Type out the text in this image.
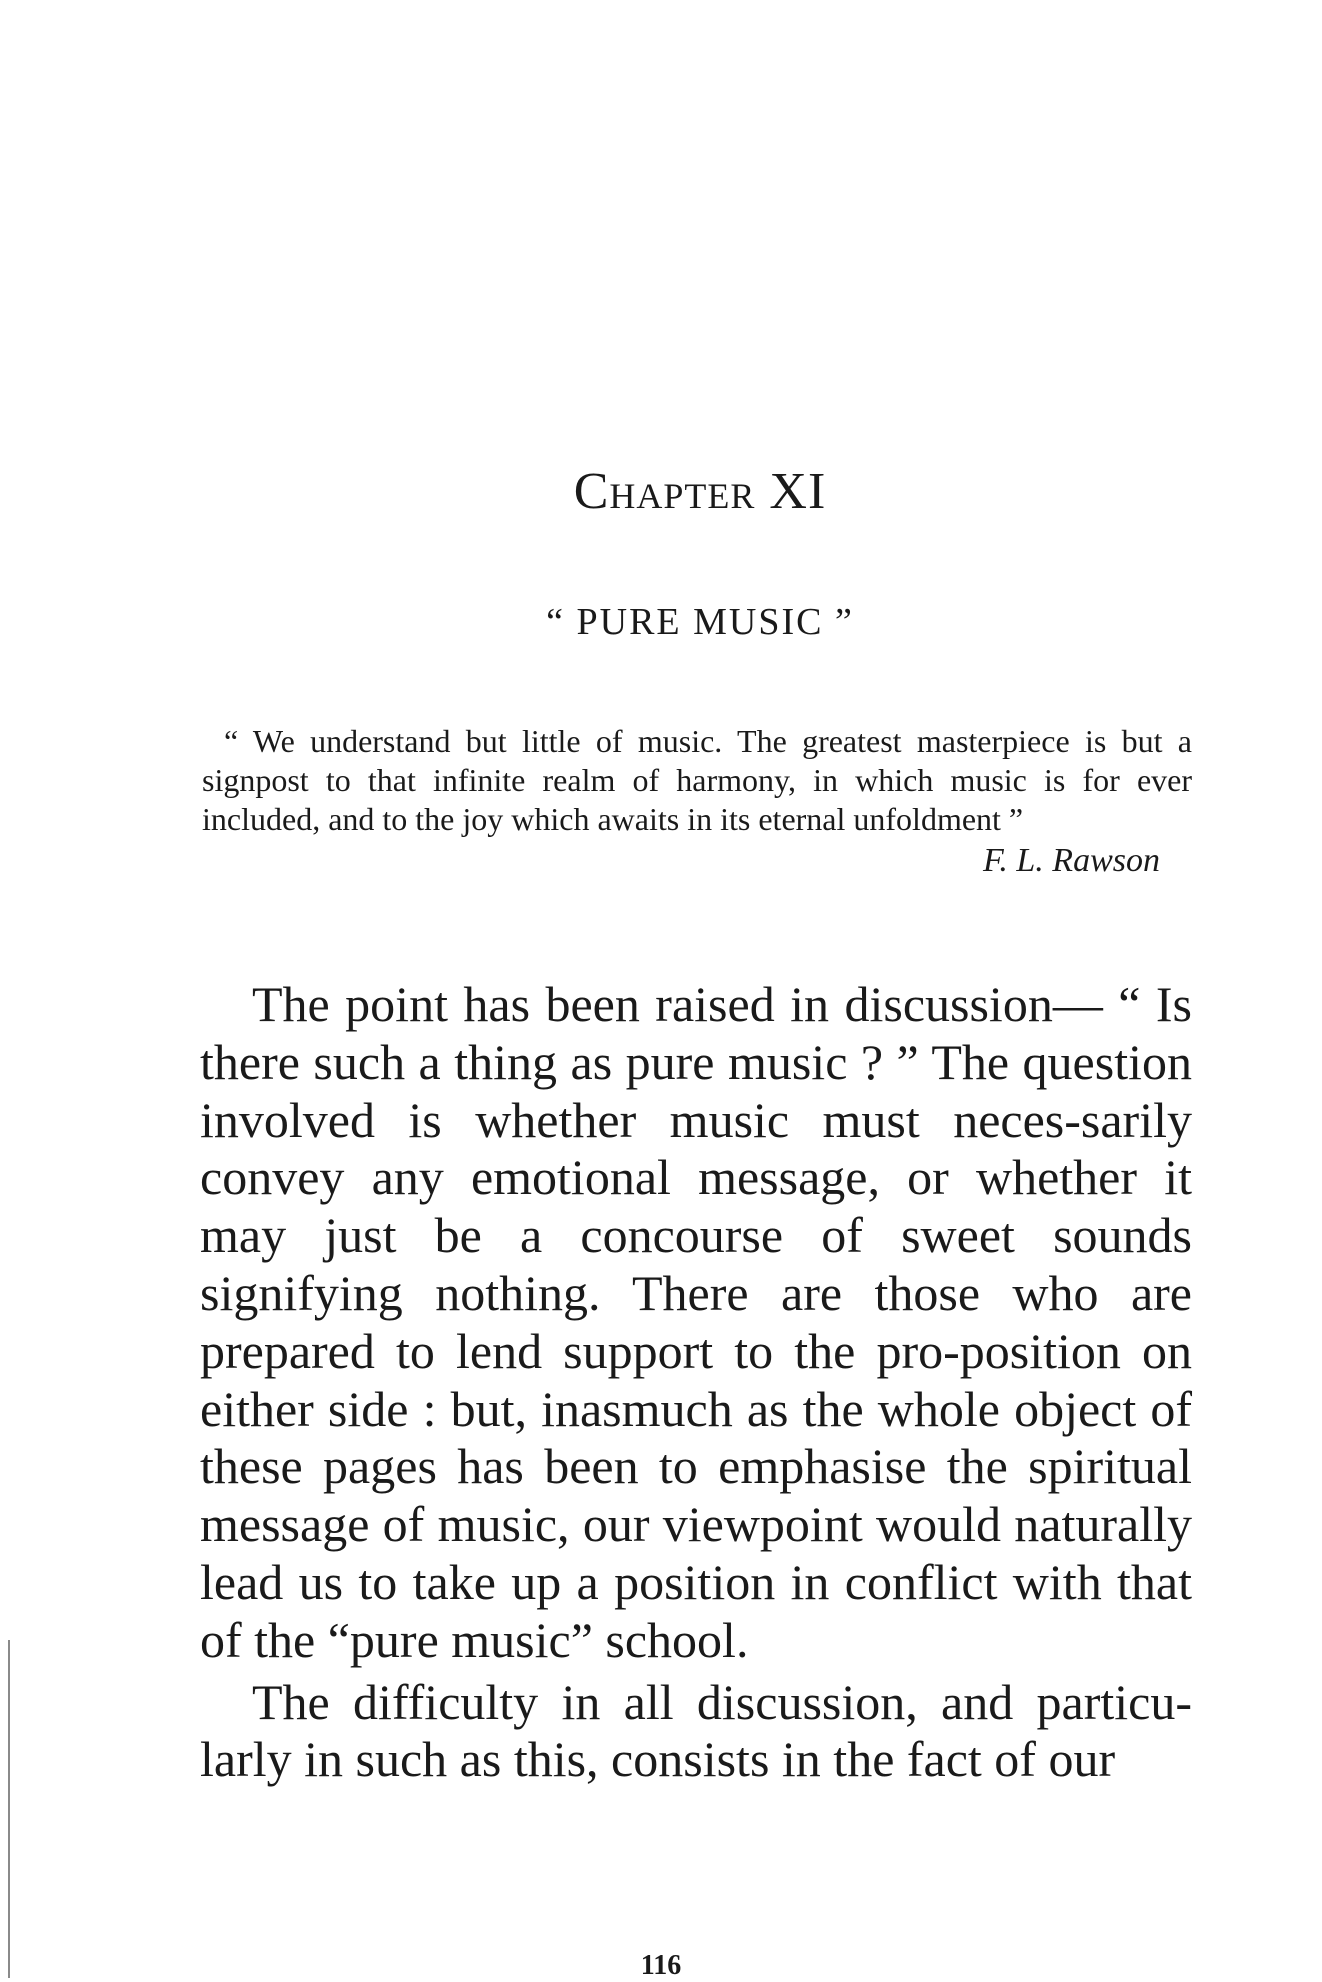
Chapter XI
“ PURE MUSIC ”

“ We understand but little of music. The greatest masterpiece is but a signpost to that infinite realm of harmony, in which music is for ever included, and to the joy which awaits in its eternal unfoldment ”

F. L. Rawson

The point has been raised in discussion— “ Is there such a thing as pure music ? ” The question involved is whether music must neces-sarily convey any emotional message, or whether it may just be a concourse of sweet sounds signifying nothing. There are those who are prepared to lend support to the pro-position on either side : but, inasmuch as the whole object of these pages has been to emphasise the spiritual message of music, our viewpoint would naturally lead us to take up a position in conflict with that of the “pure music” school.

The difficulty in all discussion, and particu-larly in such as this, consists in the fact of our

116
